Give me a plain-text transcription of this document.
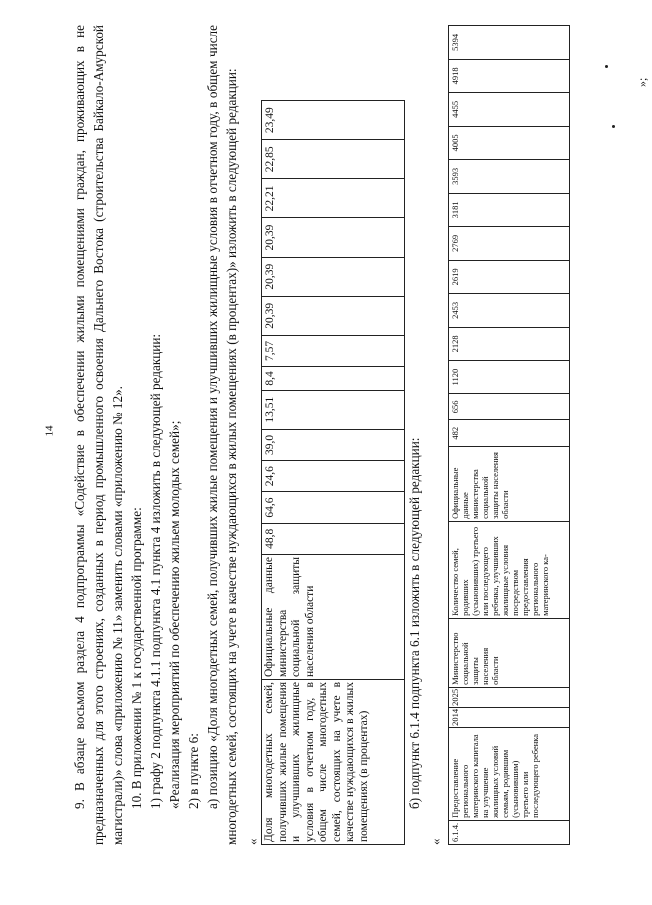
14 9. В абзаце восьмом раздела 4 подпрограммы «Содействие в обеспечении жилыми помещениями граждан, проживающих в не предназначенных для этого строениях, созданных в период промышленного освоения Дальнего Востока (строительства Байкало-Амурской магистрали)» слова «приложению № 11» заменить словами «приложению № 12». 10. В приложении № 1 к государственной программе: 1) графу 2 подпункта 4.1.1 подпункта 4.1 пункта 4 изложить в следующей редакции: «Реализация мероприятий по обеспечению жильем молодых семей»; 2) в пункте 6: а) позицию «Доля многодетных семей, получивших жилые помещения и улучшивших жилищные условия в отчетном году, в общем числе многодетных семей, состоящих на учете в качестве нуждающихся в жилых помещениях (в процентах)» изложить в следующей редакции: « Доля многодетных семей, получивших жилые помещения и улучшивших жилищные условия в отчетном году, в общем числе многодетных семей, состоящих на учете в качестве нуждающихся в жилых помещениях (в процентах)	Официальные данные министерства социальной защиты населения области	48,8	64,6	24,6	39,0	13,51	8,4	7,57	20,39	20,39	20,39	22,21	22,85	23,49
»;

б) подпункт 6.1.4 подпункта 6.1 изложить в следующей редакции:

« 6.1.4.	Предоставление регионального материнского капитала на улучшение жилищных условий семьям, родившим (усыновившим) третьего или последующего ребенка	2014	2025	Министерство социальной защиты населения области	Количество семей, родивших (усыновивших) третьего или последующего ребенка, улучшивших жилищные условия посредством предоставления регионального материнского ка-	Официальные данные министерства социальной защиты населения области	482	656	1120	2128	2453	2619	2769	3181	3593	4005	4455	4918	5394
